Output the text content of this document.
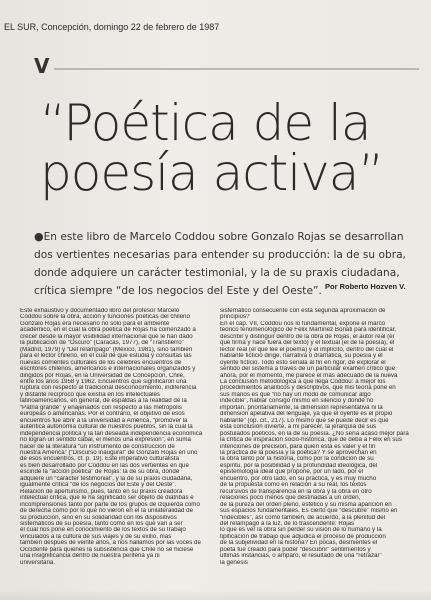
EL SUR, Concepción, domingo 22 de febrero de 1987
V
“Poética de la
poesía activa”
●En este libro de Marcelo Coddou sobre Gonzalo Rojas se desarrollan
dos vertientes necesarias para entender su producción: la de su obra,
donde adquiere un carácter testimonial, y la de su praxis ciudadana,
crítica siempre “de los negocios del Este y del Oeste”. Por Roberto Hozven V.
Este exhaustivo y documentado libro del profesor Marcelo
Coddou sobre la obra, acción y funciones poéticas del chileno
Gonzalo Rojas era necesario no sólo para el ambiente
académico, en el cual la obra poética de Rojas ha comenzado a
crecer desde la mayor visibilidad internacional que le han dado
la publicación de “Oscuro” (Caracas, 1977), de “Transtierro”
(Madrid, 1979) y “Del relámpago” (México, 1981), sino también
para el lector chileno, en el cual de que estudia y consultas las
nuevas corrientes culturales de los célebres encuentros de
escritores chilenos, americanos e internacionales organizados y
dirigidos por Rojas, en la Universidad de Concepción, Chile,
entre los años 1958 y 1962. Encuentros que significaron una
ruptura con respecto al tradicional desconocimiento, indiferencia
y distante recíproco que existía en los intelectuales
latinoamericanos, en general, de espaldas a la realidad de la
“Patria grande” y enajenados con respecto a las metrópolis
europeas o americanas. Por el contrario, el objetivo de esos
encuentros fue abrir a la universidad a América, “promover la
auténtica autonomía cultural de nuestros pueblos, sin la cual la
independencia política y la tan deseada independencia económica
no logran un sentido cabal, el menos una expresión”, en suma
hacer de la literatura “un instrumento de construcción de
nuestra América” (“Discurso inaugural” de Gonzalo Rojas en uno
de esos encuentros, cf. p. 19). Este imperativo culturalista
es bien desarrollado por Coddou en las dos vertientes en que
escinde la “acción poética” de Rojas: la de su obra, donde
adquiere un “carácter testimonial”, y la de su praxis ciudadana,
igualmente crítica “de los negocios del Este y del Oeste”.
Relación de aperturismo, pues, tanto en su praxis creadora
intelectual crítica, que le ha significado ser objeto de diatribas e
incomprensiones tanto por parte de los grupos de izquierda como
de derecha como por lo que no vieron en él la unilateralidad de
su producción, sino en su solidaridad con los dispositivos
sistemáticos de su poesía, tanto como en los que van a ser
el cual nos pone en conocimiento de los textos de su trabajo
vinculados a la cultura de sus viajes y de su exilio, mas
también después de veinte años, a nos hallamos por las voces de
Occidente para quienes la subsistencia que Chile no se hiciese
una insignificancia dentro de nuestra periferia ya ni
universitaria.
sistemático consecuente con esta segunda aproximación de
principios?
En el cap. VII, Coddou nos lo fundamental, expone el marco
teórico fenomenológico de Félix Martínez Bonati para identificar,
describir y distinguir dentro de la obra de Rojas, el autor real (el
que firma y nace fuera del texto) y el textual (el de la poesía), el
lector real (el que lee el poema) y el implícito, dentro del cual él
hablante ficticio dirige, narrativa o dramática, su poesía y el
oyente ficticio. Todo esto señala al fin en rigor, de explorar el
sentido del sistema a través de un particular examen crítico que
ahora, por el momento, me parece el más adecuado de la nueva
La conclusión metodológica a que llega Coddou: a mejor los
procedimientos analíticos y descriptivos, que mis teoría pone en
sus manos es que “no hay un modo de comunicar algo
indecible”, hablar consigo mismo en silencio y donde no
importan, prioritariamente, la dimensión representativa ni la
dimensión apelativa del lenguaje, ya que el oyente es el propio
hablante” (op. cit., 217). Lo mismo que se puede decir es que
esta conclusión invierte, a mi parecer, la jerarquía de sus
postulados poéticos, en la de su poesía. ¿No sería acaso mejor para
la crítica de inspiración socio-histórica, que de deba a Félix en sus
intenciones de precisión, para quien esta es valer y el fin
la práctica de la poesía y la poética? Y se aprovechan en
la obra tanto por la historia, como por la condición de su
espíritu, por la posibilidad y la profundidad ideológica, del
epistemología ideal que propone, por un lado, por el
encuentro, por otro lado, en su práctica, y es muy mucho
de la propuesta como en relación a su real, los textos
recursivos de transparencia en la obra y la obra en otro
relaciones poco menos que destinadas a un orden,
de la pureza del orden pleno, estético y su misma aparición en
sus espacios fundamentales. Es cierto que “descubre” mismo en
“indecibles”, así como también, de acuerdo, a la plenitud del
del relámpago a la luz, de lo trascendente: Rojas
lo que es ver la obra sin perder su visión de lo humano y la
tipificación de trabajo que adjudica el proceso de producción
de la subjetividad en la historia? En pocas, desmientes el
poeta fue creado para poder “descubrir” sentimientos y
últimas instancias, o amparo, el resultado de una “retrazar”
la génesis
